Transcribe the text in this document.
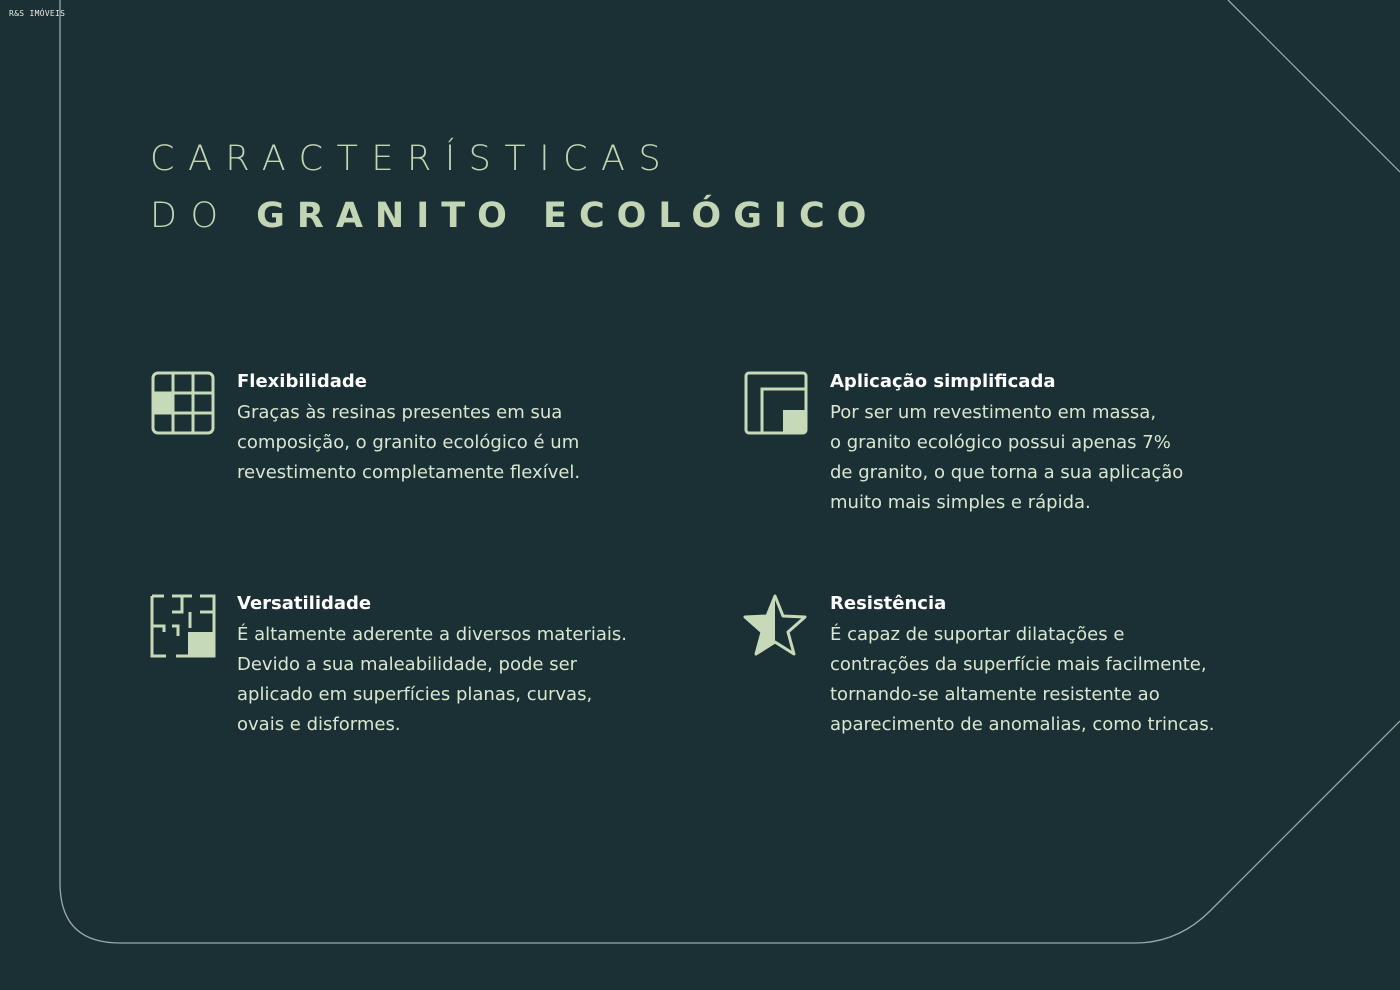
R&S IMÓVEIS
CARACTERÍSTICAS
DO GRANITO ECOLÓGICO
Flexibilidade
Graças às resinas presentes em sua
composição, o granito ecológico é um
revestimento completamente flexível.
Aplicação simplificada
Por ser um revestimento em massa,
o granito ecológico possui apenas 7%
de granito, o que torna a sua aplicação
muito mais simples e rápida.
Versatilidade
É altamente aderente a diversos materiais.
Devido a sua maleabilidade, pode ser
aplicado em superfícies planas, curvas,
ovais e disformes.
Resistência
É capaz de suportar dilatações e
contrações da superfície mais facilmente,
tornando-se altamente resistente ao
aparecimento de anomalias, como trincas.
